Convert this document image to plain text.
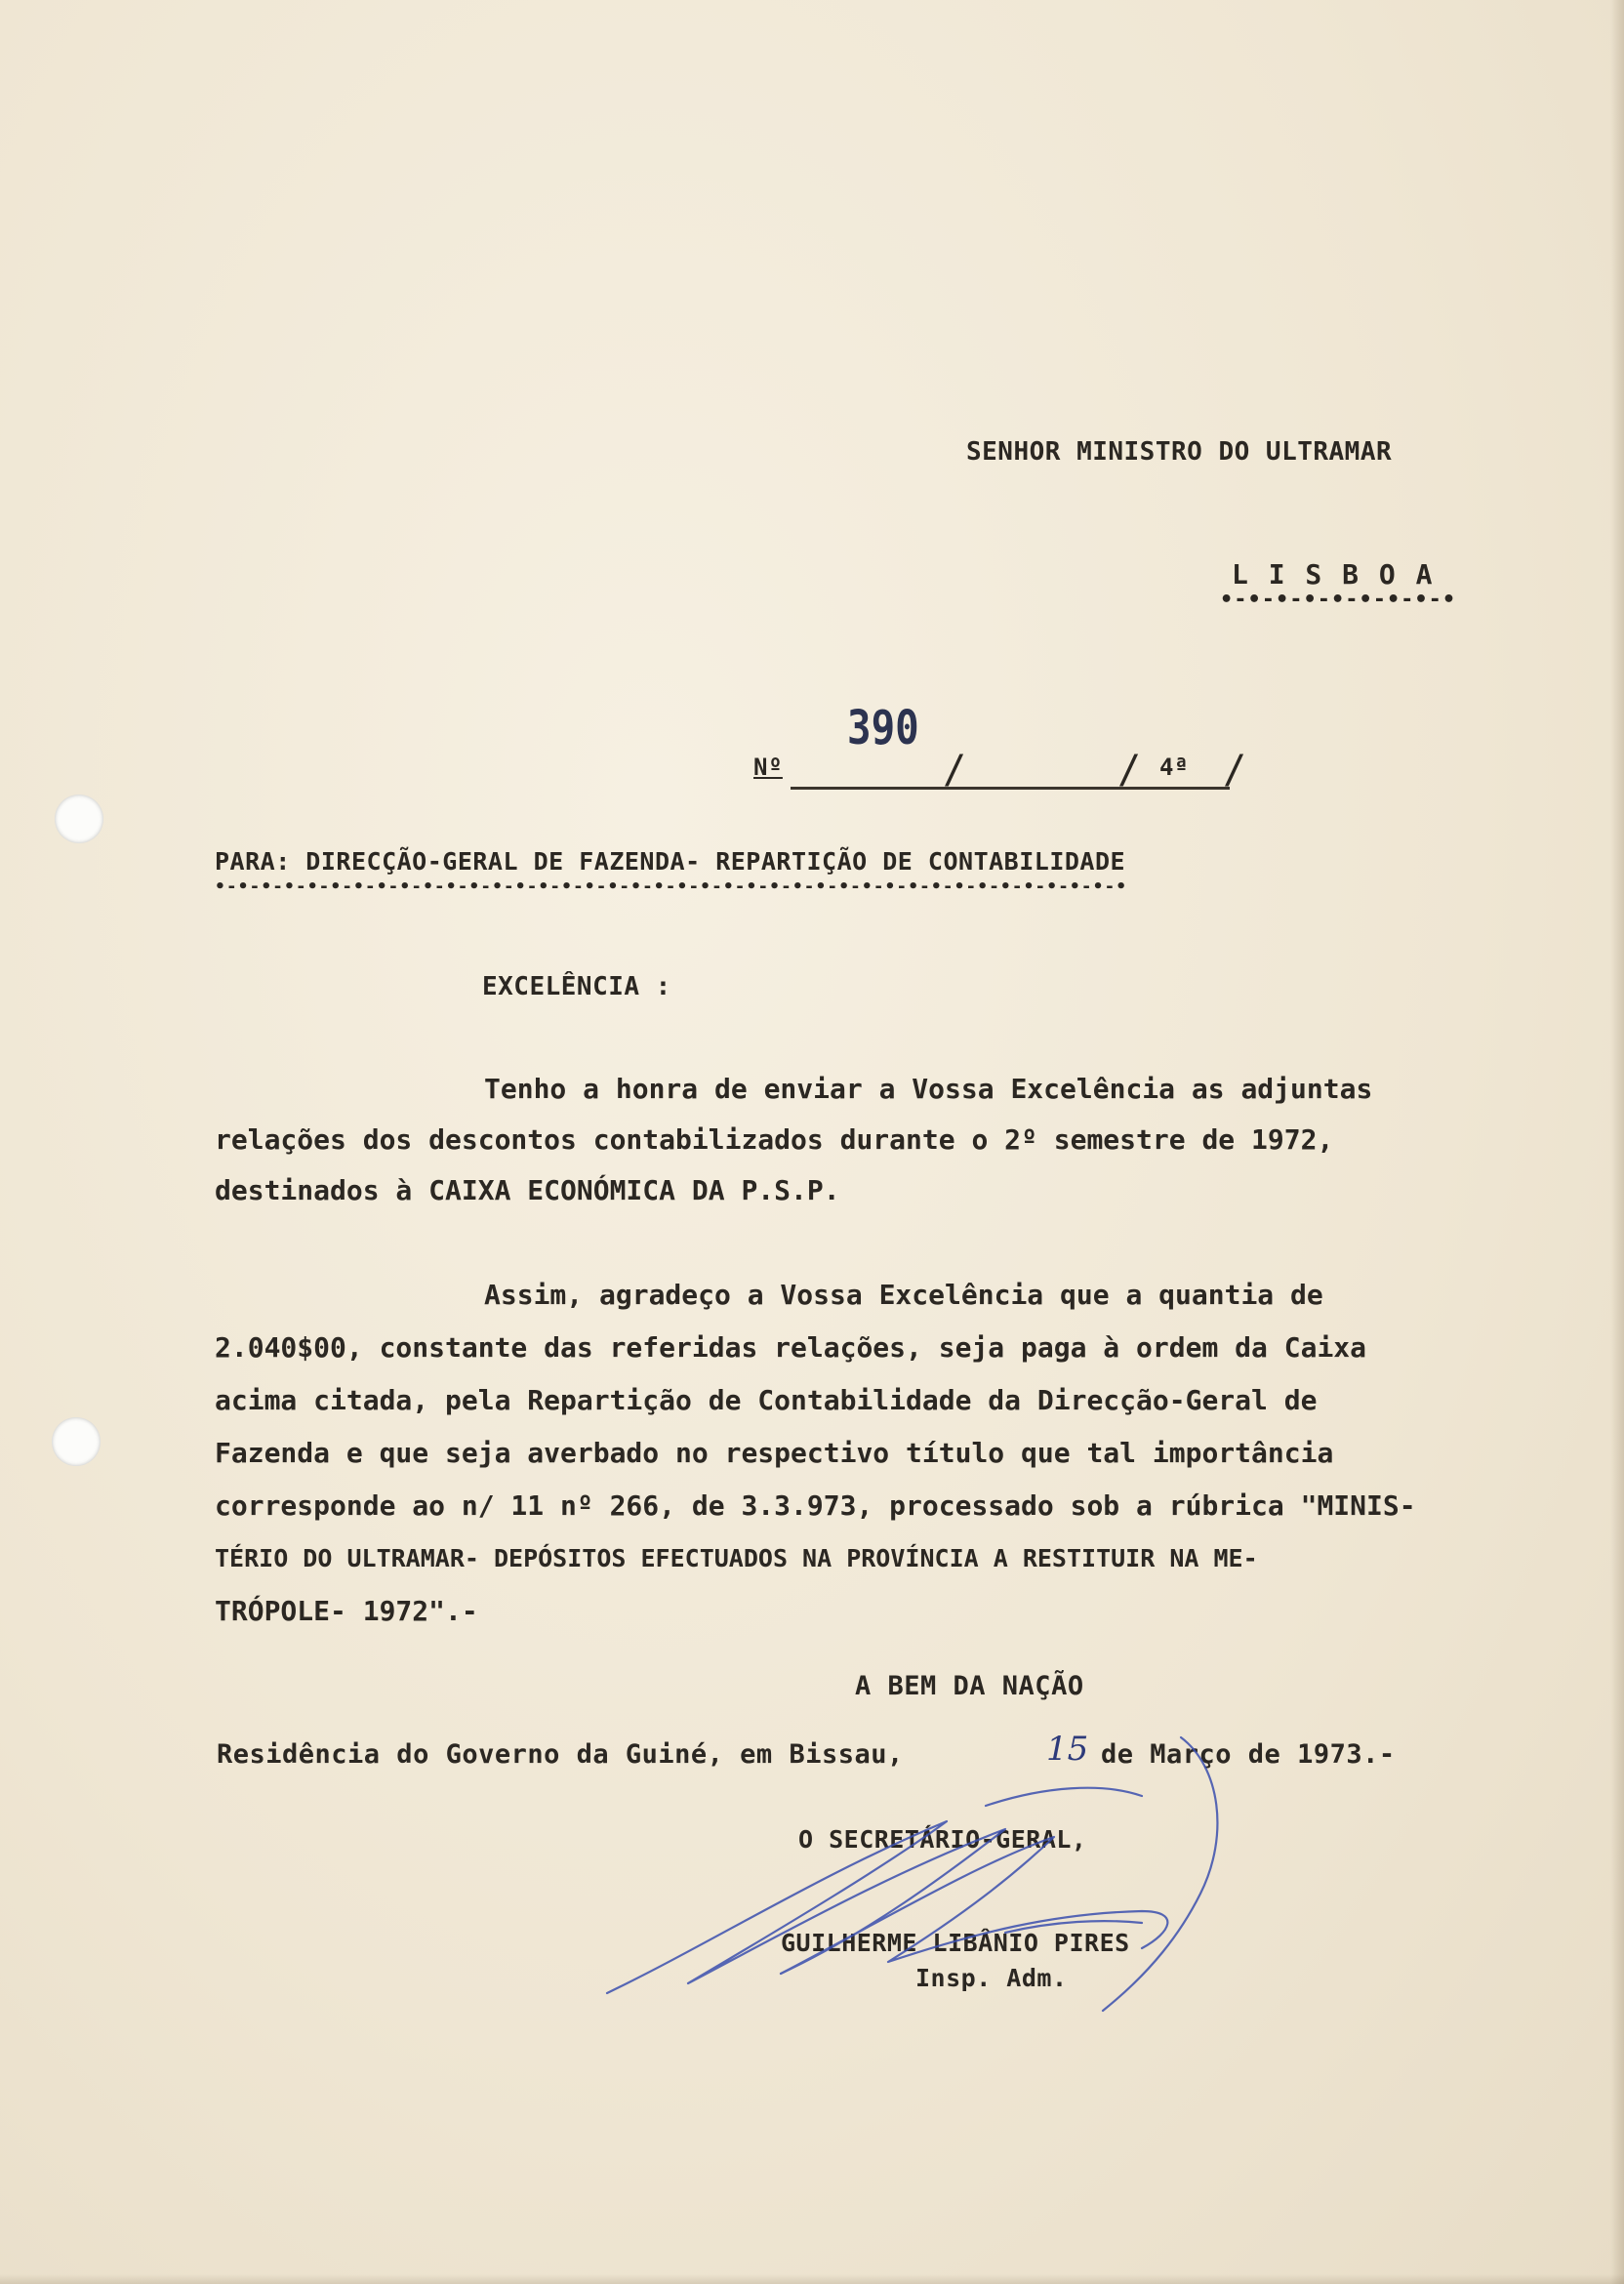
SENHOR MINISTRO DO ULTRAMAR
L I S B O A
•-•-•-•-•-•-•-•-•
390
Nº	/	/ /
4ª
PARA: DIRECÇÃO-GERAL DE FAZENDA- REPARTIÇÃO DE CONTABILIDADE
•-•-•-•-•-•-•-•-•-•-•-•-•-•-•-•-•-•-•-•-•-•-•-•-•-•-•-•-•-•-•-•-•-•-•-•-•-•-•-•
EXCELÊNCIA :
Tenho a honra de enviar a Vossa Excelência as adjuntas
relações dos descontos contabilizados durante o 2º semestre de 1972,
destinados à CAIXA ECONÓMICA DA P.S.P.
Assim, agradeço a Vossa Excelência que a quantia de
2.040$00, constante das referidas relações, seja paga à ordem da Caixa
acima citada, pela Repartição de Contabilidade da Direcção-Geral de
Fazenda e que seja averbado no respectivo título que tal importância
corresponde ao n/ 11 nº 266, de 3.3.973, processado sob a rúbrica "MINIS-
TÉRIO DO ULTRAMAR- DEPÓSITOS EFECTUADOS NA PROVÍNCIA A RESTITUIR NA ME-
TRÓPOLE- 1972".-
A BEM DA NAÇÃO
Residência do Governo da Guiné, em Bissau,	15 de Março de 1973.-
O SECRETÁRIO-GERAL,
GUILHERME LIBÂNIO PIRES
Insp. Adm.
